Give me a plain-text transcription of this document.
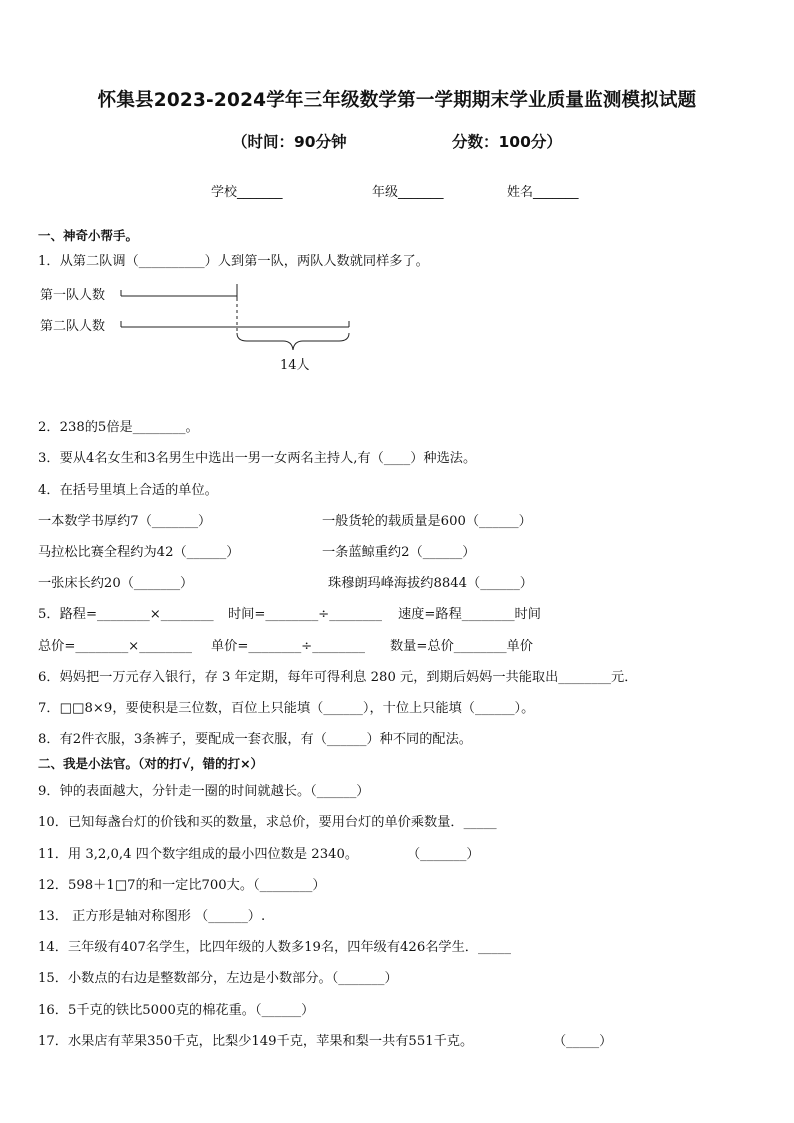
怀集县2023-2024学年三年级数学第一学期期末学业质量监测模拟试题
（时间：90分钟	分数：100分）
学校_______	年级_______	姓名_______
一、神奇小帮手。
1．从第二队调（__________）人到第一队，两队人数就同样多了。
第一队人数
第二队人数
14人
2．238的5倍是________。
3．要从4名女生和3名男生中选出一男一女两名主持人,有（____）种选法。
4．在括号里填上合适的单位。
一本数学书厚约7（_______）	一般货轮的载质量是600（______）
马拉松比赛全程约为42（______）	一条蓝鲸重约2（______）
一张床长约20（_______）	珠穆朗玛峰海拔约8844（______）
5．路程=________×________ 时间=________÷________ 速度=路程________时间
总价=________×________ 单价=________÷________ 数量=总价________单价
6．妈妈把一万元存入银行，存 3 年定期，每年可得利息 280 元，到期后妈妈一共能取出________元．
7．□□8×9，要使积是三位数，百位上只能填（______），十位上只能填（______）。
8．有2件衣服，3条裤子，要配成一套衣服，有（______）种不同的配法。
二、我是小法官。（对的打√，错的打×）
9．钟的表面越大，分针走一圈的时间就越长。（______）
10．已知每盏台灯的价钱和买的数量，求总价，要用台灯的单价乘数量．_____
11．用 3,2,0,4 四个数字组成的最小四位数是 2340。	（_______）
12．598＋1□7的和一定比700大。（________）
13． 正方形是轴对称图形 （______）.
14．三年级有407名学生，比四年级的人数多19名，四年级有426名学生．_____
15．小数点的右边是整数部分，左边是小数部分。（_______）
16．5千克的铁比5000克的棉花重。（______）
17．水果店有苹果350千克，比梨少149千克，苹果和梨一共有551千克。	（_____）
